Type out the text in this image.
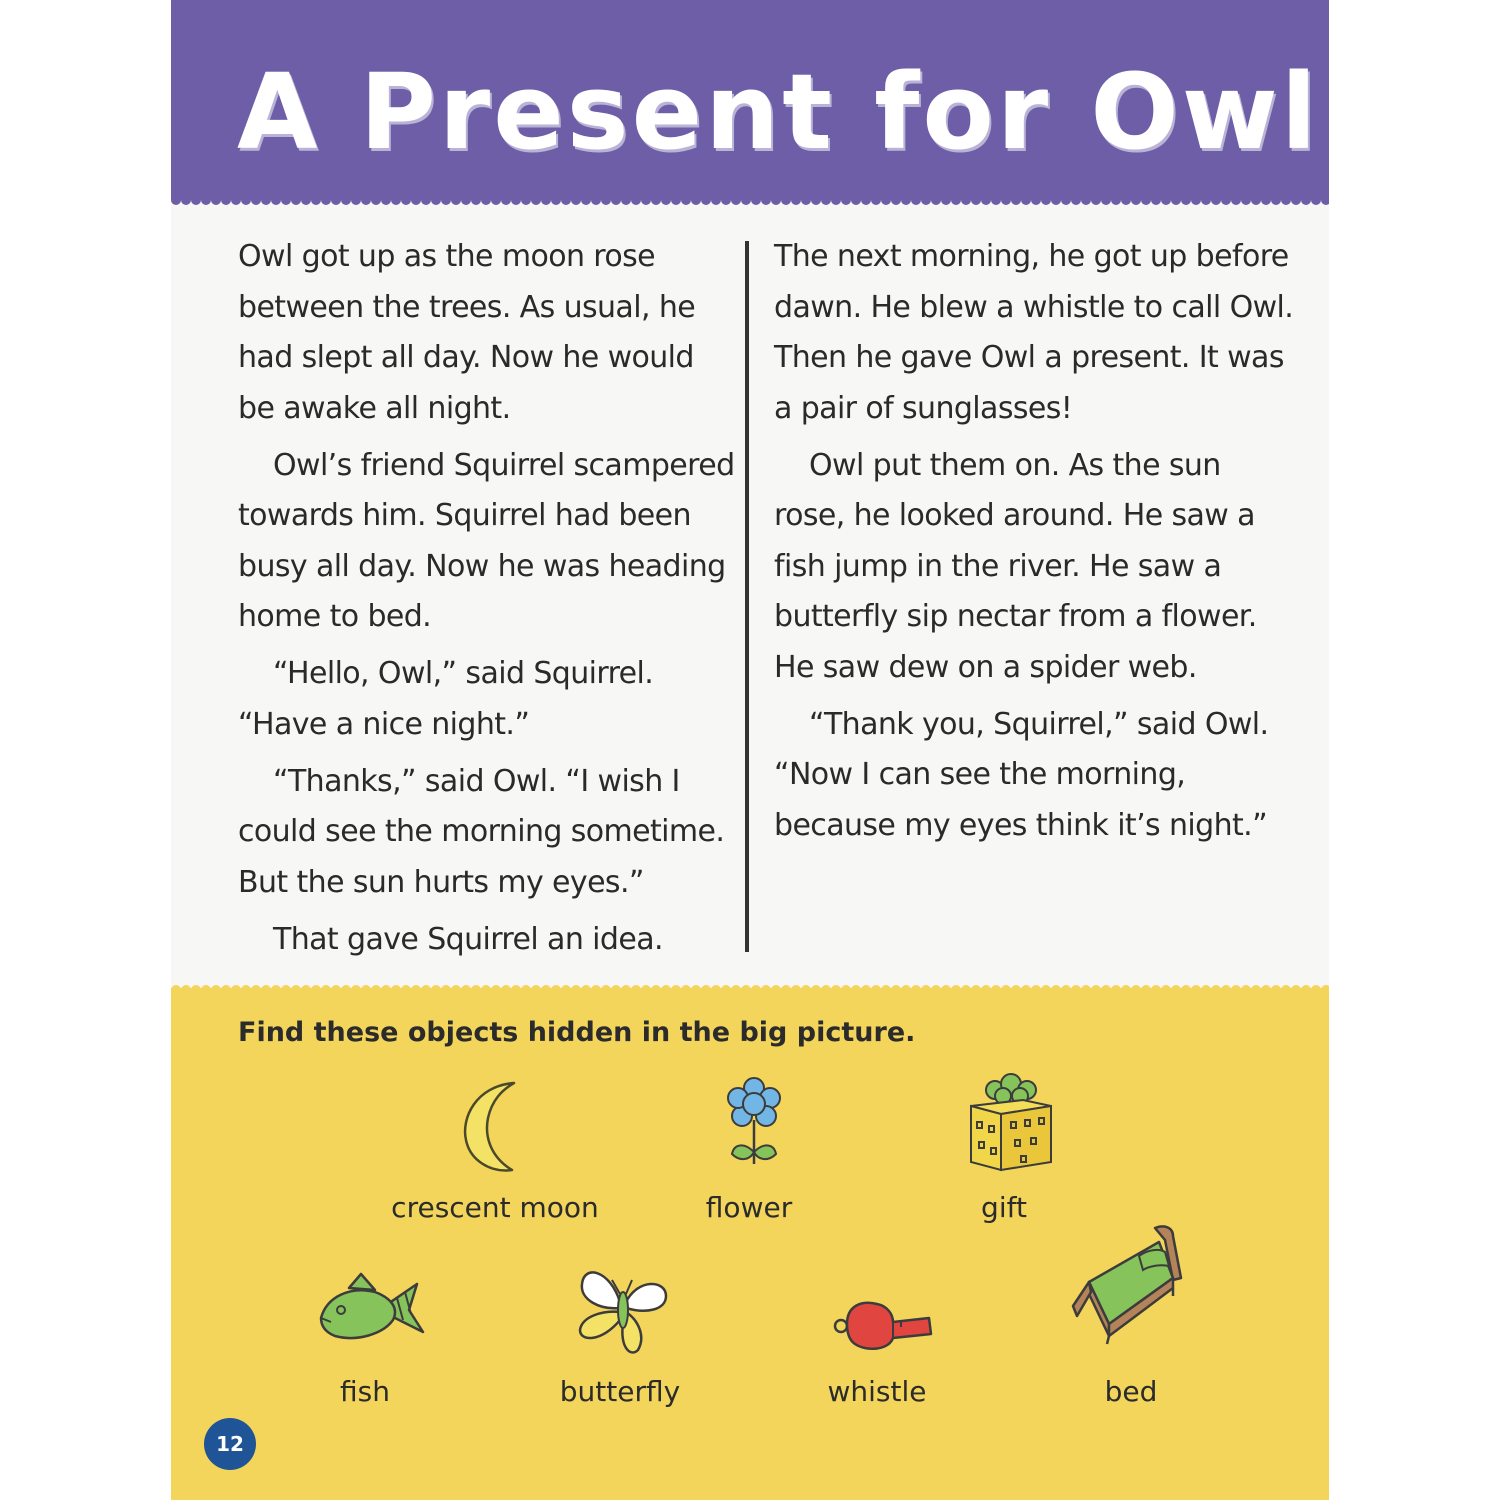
A Present for Owl

Owl got up as the moon rose between the trees. As usual, he had slept all day. Now he would be awake all night.

Owl’s friend Squirrel scampered towards him. Squirrel had been busy all day. Now he was heading home to bed.

“Hello, Owl,” said Squirrel. “Have a nice night.”

“Thanks,” said Owl. “I wish I could see the morning sometime. But the sun hurts my eyes.”

That gave Squirrel an idea.

The next morning, he got up before dawn. He blew a whistle to call Owl. Then he gave Owl a present. It was a pair of sunglasses!

Owl put them on. As the sun rose, he looked around. He saw a fish jump in the river. He saw a butterfly sip nectar from a flower. He saw dew on a spider web.

“Thank you, Squirrel,” said Owl. “Now I can see the morning, because my eyes think it’s night.”

Find these objects hidden in the big picture.
crescent moon	flower	gift
fish	butterfly	whistle	bed
12
